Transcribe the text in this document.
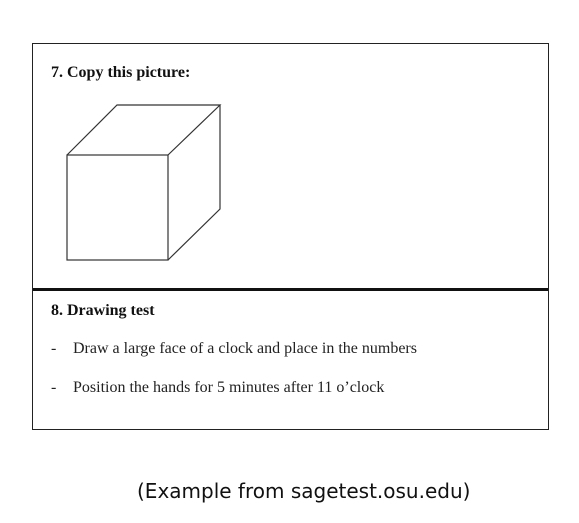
7. Copy this picture:
8. Drawing test
- Draw a large face of a clock and place in the numbers
- Position the hands for 5 minutes after 11 o’clock
(Example from sagetest.osu.edu)
